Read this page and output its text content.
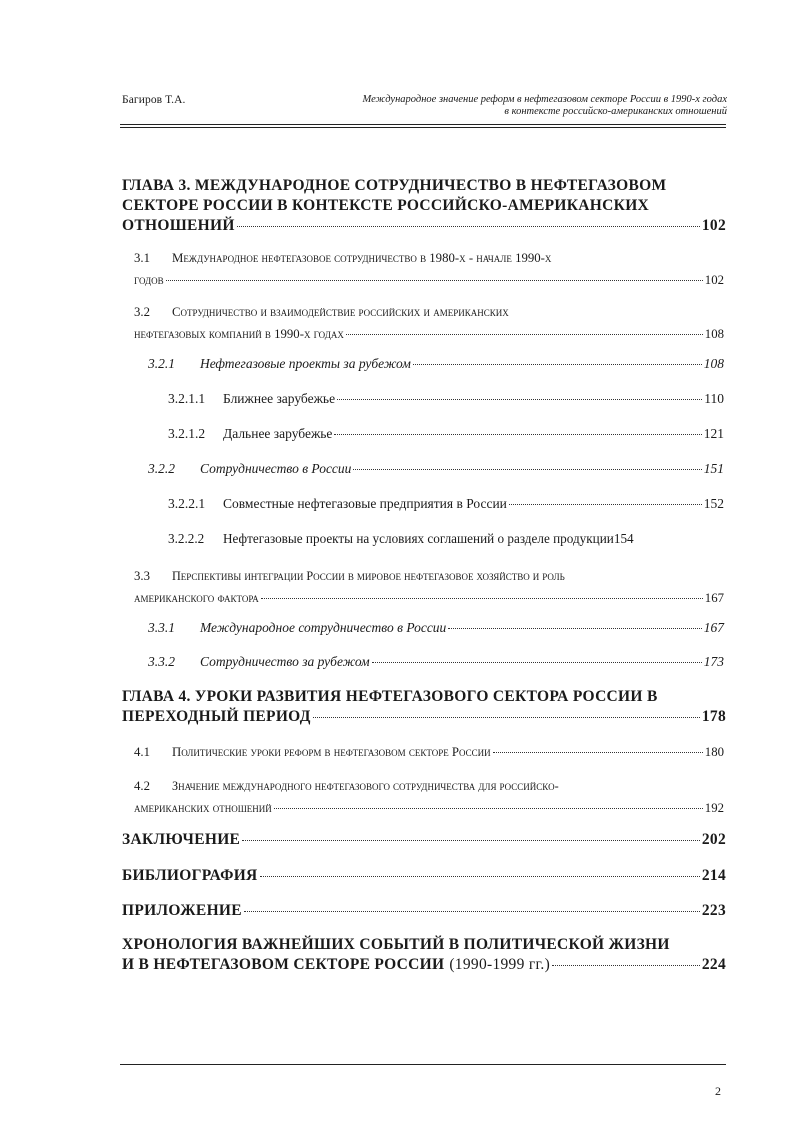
Багиров Т.А.	Международное значение реформ в нефтегазовом секторе России в 1990-х годах
в контексте российско-американских отношений
ГЛАВА 3. МЕЖДУНАРОДНОЕ СОТРУДНИЧЕСТВО В НЕФТЕГАЗОВОМ
СЕКТОРЕ РОССИИ В КОНТЕКСТЕ РОССИЙСКО-АМЕРИКАНСКИХ
ОТНОШЕНИЙ	102
3.1 Международное нефтегазовое сотрудничество в 1980-х - начале 1990-х
годов	102
3.2 Сотрудничество и взаимодействие российских и американских
нефтегазовых компаний в 1990-х годах	108
3.2.1	Нефтегазовые проекты за рубежом	108
3.2.1.1	Ближнее зарубежье	110
3.2.1.2	Дальнее зарубежье	121
3.2.2	Сотрудничество в России	151
3.2.2.1	Совместные нефтегазовые предприятия в России	152
3.2.2.2	Нефтегазовые проекты на условиях соглашений о разделе продукции 154
3.3 Перспективы интеграции России в мировое нефтегазовое хозяйство и роль
американского фактора	167
3.3.1	Международное сотрудничество в России	167
3.3.2	Сотрудничество за рубежом	173
ГЛАВА 4. УРОКИ РАЗВИТИЯ НЕФТЕГАЗОВОГО СЕКТОРА РОССИИ В
ПЕРЕХОДНЫЙ ПЕРИОД	178
4.1	Политические уроки реформ в нефтегазовом секторе России	180
4.2 Значение международного нефтегазового сотрудничества для российско-
американских отношений	192
ЗАКЛЮЧЕНИЕ	202
БИБЛИОГРАФИЯ	214
ПРИЛОЖЕНИЕ	223
ХРОНОЛОГИЯ ВАЖНЕЙШИХ СОБЫТИЙ В ПОЛИТИЧЕСКОЙ ЖИЗНИ
И В НЕФТЕГАЗОВОМ СЕКТОРЕ РОССИИ (1990-1999 гг.)	224
2
